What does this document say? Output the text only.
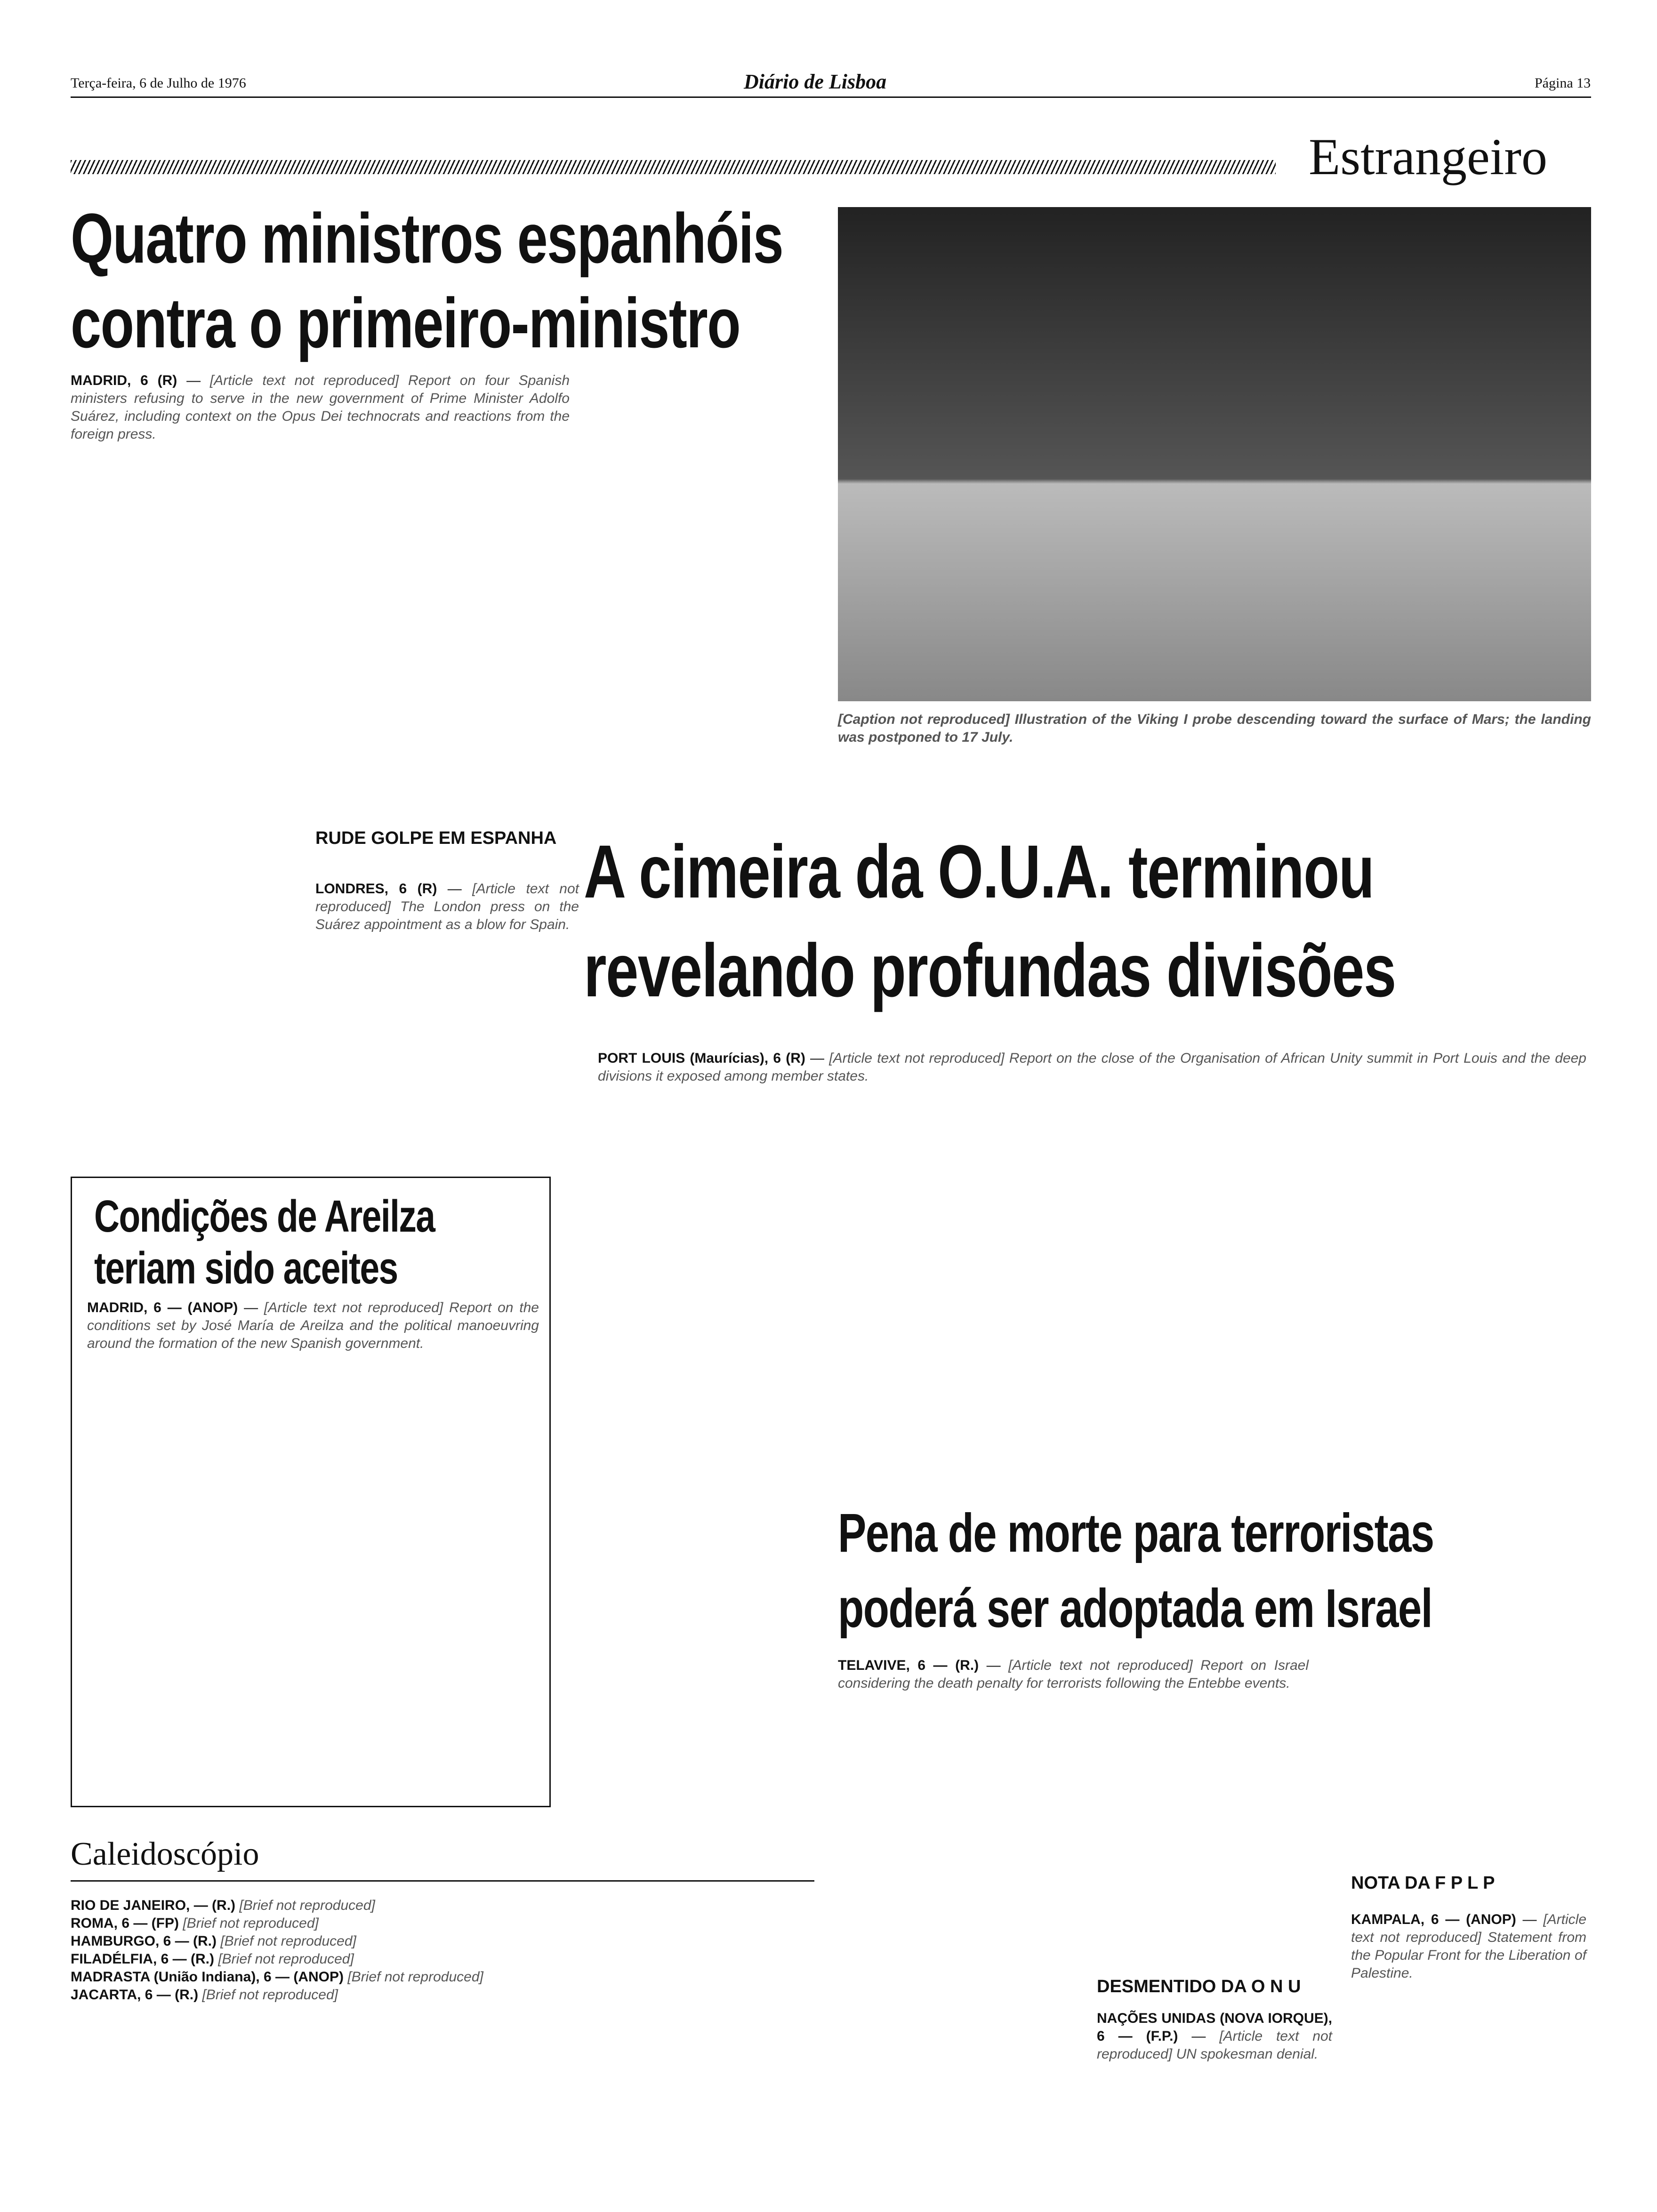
Terça-feira, 6 de Julho de 1976	Diário de Lisboa	Página 13
Estrangeiro
Quatro ministros espanhóis
contra o primeiro-ministro
MADRID, 6 (R) — [Article text not reproduced] Report on four Spanish ministers refusing to serve in the new government of Prime Minister Adolfo Suárez, including context on the Opus Dei technocrats and reactions from the foreign press.
RUDE GOLPE EM ESPANHA
LONDRES, 6 (R) — [Article text not reproduced] The London press on the Suárez appointment as a blow for Spain.
Condições de Areilza
teriam sido aceites
MADRID, 6 — (ANOP) — [Article text not reproduced] Report on the conditions set by José María de Areilza and the political manoeuvring around the formation of the new Spanish government.
[Caption not reproduced] Illustration of the Viking I probe descending toward the surface of Mars; the landing was postponed to 17 July.
A cimeira da O.U.A. terminou
revelando profundas divisões
PORT LOUIS (Maurícias), 6 (R) — [Article text not reproduced] Report on the close of the Organisation of African Unity summit in Port Louis and the deep divisions it exposed among member states.
Pena de morte para terroristas
poderá ser adoptada em Israel
TELAVIVE, 6 — (R.) — [Article text not reproduced] Report on Israel considering the death penalty for terrorists following the Entebbe events.
DESMENTIDO DA O N U
NAÇÕES UNIDAS (NOVA IORQUE), 6 — (F.P.) — [Article text not reproduced] UN spokesman denial.
NOTA DA F P L P
KAMPALA, 6 — (ANOP) — [Article text not reproduced] Statement from the Popular Front for the Liberation of Palestine.
Caleidoscópio
RIO DE JANEIRO, — (R.) [Brief not reproduced]
ROMA, 6 — (FP) [Brief not reproduced]
HAMBURGO, 6 — (R.) [Brief not reproduced]
FILADÉLFIA, 6 — (R.) [Brief not reproduced]
MADRASTA (União Indiana), 6 — (ANOP) [Brief not reproduced]
JACARTA, 6 — (R.) [Brief not reproduced]
